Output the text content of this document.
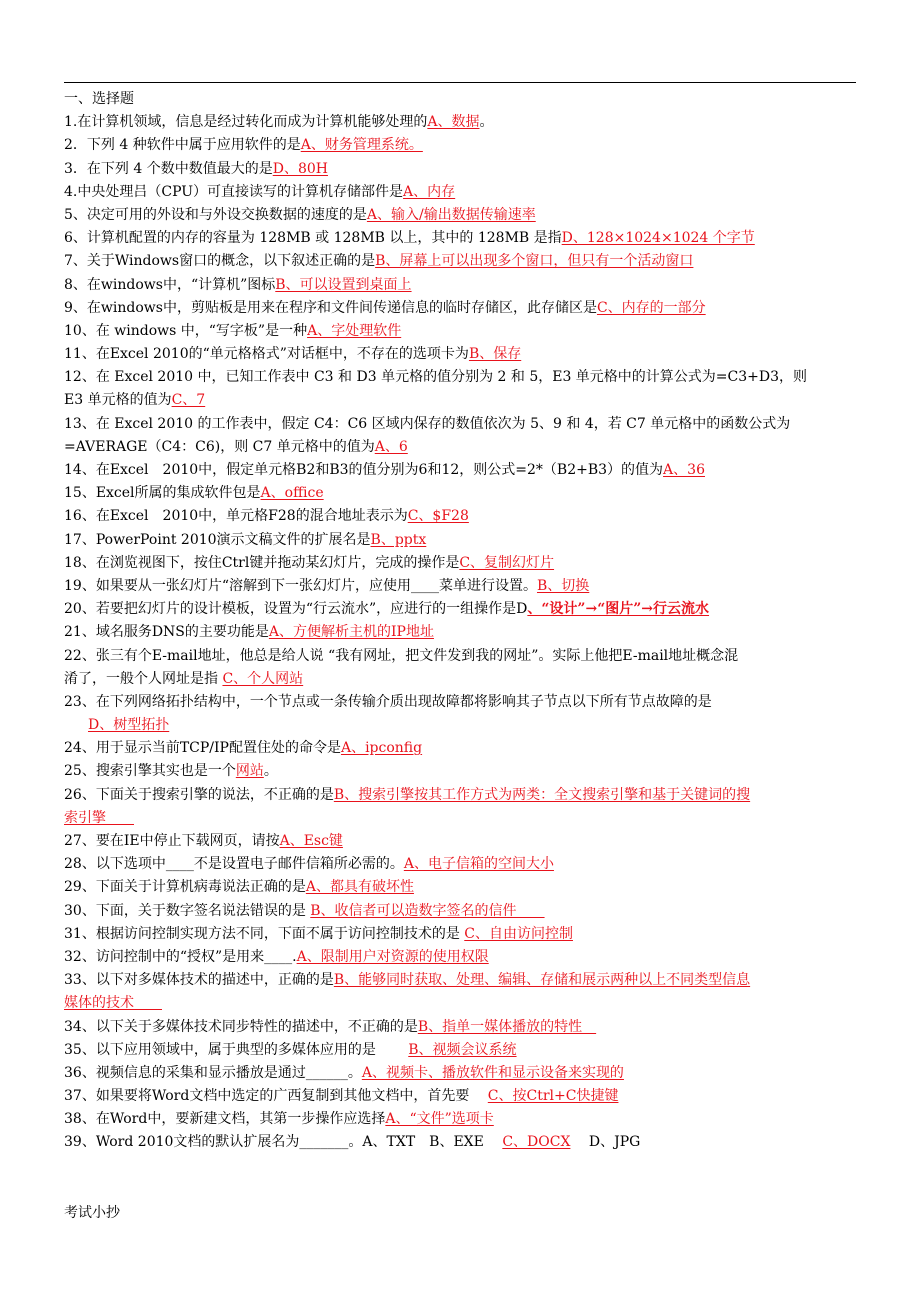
一、选择题
1.在计算机领域，信息是经过转化而成为计算机能够处理的A、数据。
2．下列 4 种软件中属于应用软件的是A、财务管理系统。
3．在下列 4 个数中数值最大的是D、80H
4.中央处理吕（CPU）可直接读写的计算机存储部件是A、内存
5、决定可用的外设和与外设交换数据的速度的是A、输入/输出数据传输速率
6、计算机配置的内存的容量为 128MB 或 128MB 以上，其中的 128MB 是指D、128×1024×1024 个字节
7、关于Windows窗口的概念，以下叙述正确的是B、屏幕上可以出现多个窗口，但只有一个活动窗口
8、在windows中，“计算机”图标B、可以设置到桌面上
9、在windows中，剪贴板是用来在程序和文件间传递信息的临时存储区，此存储区是C、内存的一部分
10、在 windows 中，“写字板”是一种A、字处理软件
11、在Excel 2010的“单元格格式”对话框中，不存在的选项卡为B、保存
12、在 Excel 2010 中，已知工作表中 C3 和 D3 单元格的值分别为 2 和 5，E3 单元格中的计算公式为=C3+D3，则
E3 单元格的值为C、7
13、在 Excel 2010 的工作表中，假定 C4：C6 区域内保存的数值依次为 5、9 和 4，若 C7 单元格中的函数公式为
=AVERAGE（C4：C6)，则 C7 单元格中的值为A、6
14、在Excel　2010中，假定单元格B2和B3的值分别为6和12，则公式=2*（B2+B3）的值为A、36
15、Excel所属的集成软件包是A、office
16、在Excel　2010中，单元格F28的混合地址表示为C、$F28
17、PowerPoint 2010演示文稿文件的扩展名是B、pptx
18、在浏览视图下，按住Ctrl键并拖动某幻灯片，完成的操作是C、复制幻灯片
19、如果要从一张幻灯片“溶解到下一张幻灯片，应使用____菜单进行设置。B、切换
20、若要把幻灯片的设计模板，设置为“行云流水”，应进行的一组操作是D、“设计”→“图片”→行云流水
21、域名服务DNS的主要功能是A、方便解析主机的IP地址
22、张三有个E-mail地址，他总是给人说 “我有网址，把文件发到我的网址”。实际上他把E-mail地址概念混
淆了，一般个人网址是指 C、个人网站
23、在下列网络拓扑结构中，一个节点或一条传输介质出现故障都将影响其子节点以下所有节点故障的是
D、树型拓扑
24、用于显示当前TCP/IP配置住处的命令是A、ipconfig
25、搜索引擎其实也是一个网站。
26、下面关于搜索引擎的说法，不正确的是B、搜索引擎按其工作方式为两类：全文搜索引擎和基于关键词的搜
索引擎　　
27、要在IE中停止下载网页，请按A、Esc键
28、以下选项中____不是设置电子邮件信箱所必需的。A、电子信箱的空间大小
29、下面关于计算机病毒说法正确的是A、都具有破坏性
30、下面，关于数字签名说法错误的是 B、收信者可以造数字签名的信件　　
31、根据访问控制实现方法不同，下面不属于访问控制技术的是 C、自由访问控制
32、访问控制中的“授权”是用来____.A、限制用户对资源的使用权限
33、以下对多媒体技术的描述中，正确的是B、能够同时获取、处理、编辑、存储和展示两种以上不同类型信息
媒体的技术　　
34、以下关于多媒体技术同步特性的描述中，不正确的是B、指单一媒体播放的特性　
35、以下应用领域中，属于典型的多媒体应用的是　　 B、视频会议系统
36、视频信息的采集和显示播放是通过______。A、视频卡、播放软件和显示设备来实现的
37、如果要将Word文档中选定的广西复制到其他文档中，首先要　 C、按Ctrl+C快捷键
38、在Word中，要新建文档，其第一步操作应选择A、“文件”选项卡
39、Word 2010文档的默认扩展名为_______。A、TXT　B、EXE　 C、DOCX　 D、JPG
考试小抄
